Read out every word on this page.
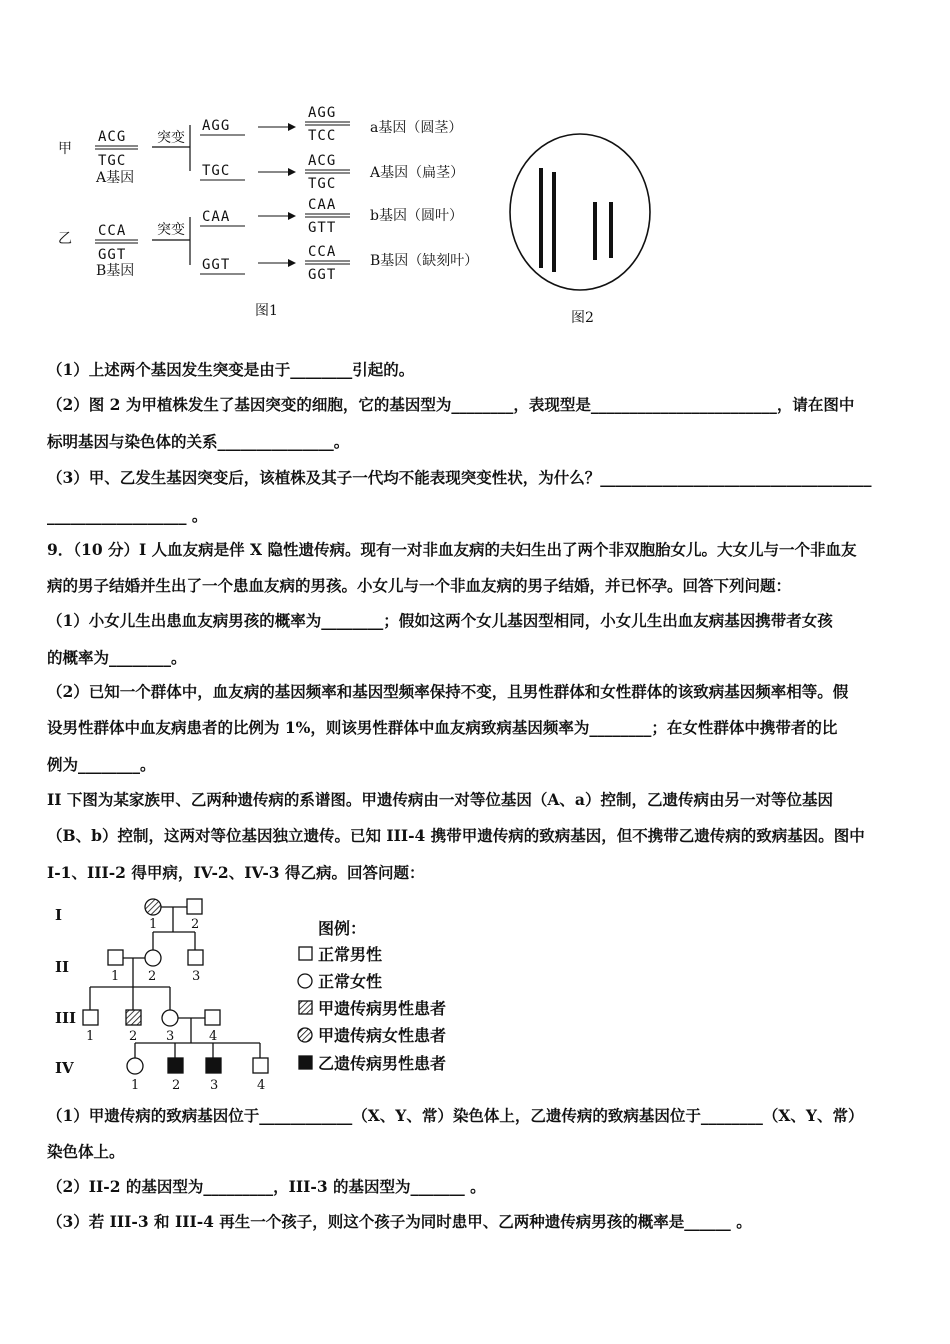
甲
乙
ACG
TGC
A基因
突变
AGG
AGG
TCC a基因（圆茎）
TGC
ACG
TGC
A基因（扁茎）
CCA
GGT
B基因
突变
CAA
CAA
GTT
b基因（圆叶）
GGT
CCA
GGT
B基因（缺刻叶）
图1	图2
（1）上述两个基因发生突变是由于________引起的。
（2）图 2 为甲植株发生了基因突变的细胞，它的基因型为________，表现型是________________________，请在图中
标明基因与染色体的关系_______________。
（3）甲、乙发生基因突变后，该植株及其子一代均不能表现突变性状，为什么？___________________________________
__________________ 。
9．（10 分）I 人血友病是伴 X 隐性遗传病。现有一对非血友病的夫妇生出了两个非双胞胎女儿。大女儿与一个非血友
病的男子结婚并生出了一个患血友病的男孩。小女儿与一个非血友病的男子结婚，并已怀孕。回答下列问题：
（1）小女儿生出患血友病男孩的概率为________；假如这两个女儿基因型相同，小女儿生出血友病基因携带者女孩
的概率为________。
（2）已知一个群体中，血友病的基因频率和基因型频率保持不变，且男性群体和女性群体的该致病基因频率相等。假
设男性群体中血友病患者的比例为 1%，则该男性群体中血友病致病基因频率为________；在女性群体中携带者的比
例为________。
II 下图为某家族甲、乙两种遗传病的系谱图。甲遗传病由一对等位基因（A、a）控制，乙遗传病由另一对等位基因
（B、b）控制，这两对等位基因独立遗传。已知 III-4 携带甲遗传病的致病基因，但不携带乙遗传病的致病基因。图中
I-1、III-2 得甲病，IV-2、IV-3 得乙病。回答问题：
I
II
III
IV
1	2
1 2	3
1	2 3	4
1	2 3	4
图例：
正常男性
正常女性
甲遗传病男性患者
甲遗传病女性患者
乙遗传病男性患者
（1）甲遗传病的致病基因位于____________（X、Y、常）染色体上，乙遗传病的致病基因位于________（X、Y、常）
染色体上。
（2）II-2 的基因型为_________，III-3 的基因型为_______ 。
（3）若 III-3 和 III-4 再生一个孩子，则这个孩子为同时患甲、乙两种遗传病男孩的概率是______ 。
